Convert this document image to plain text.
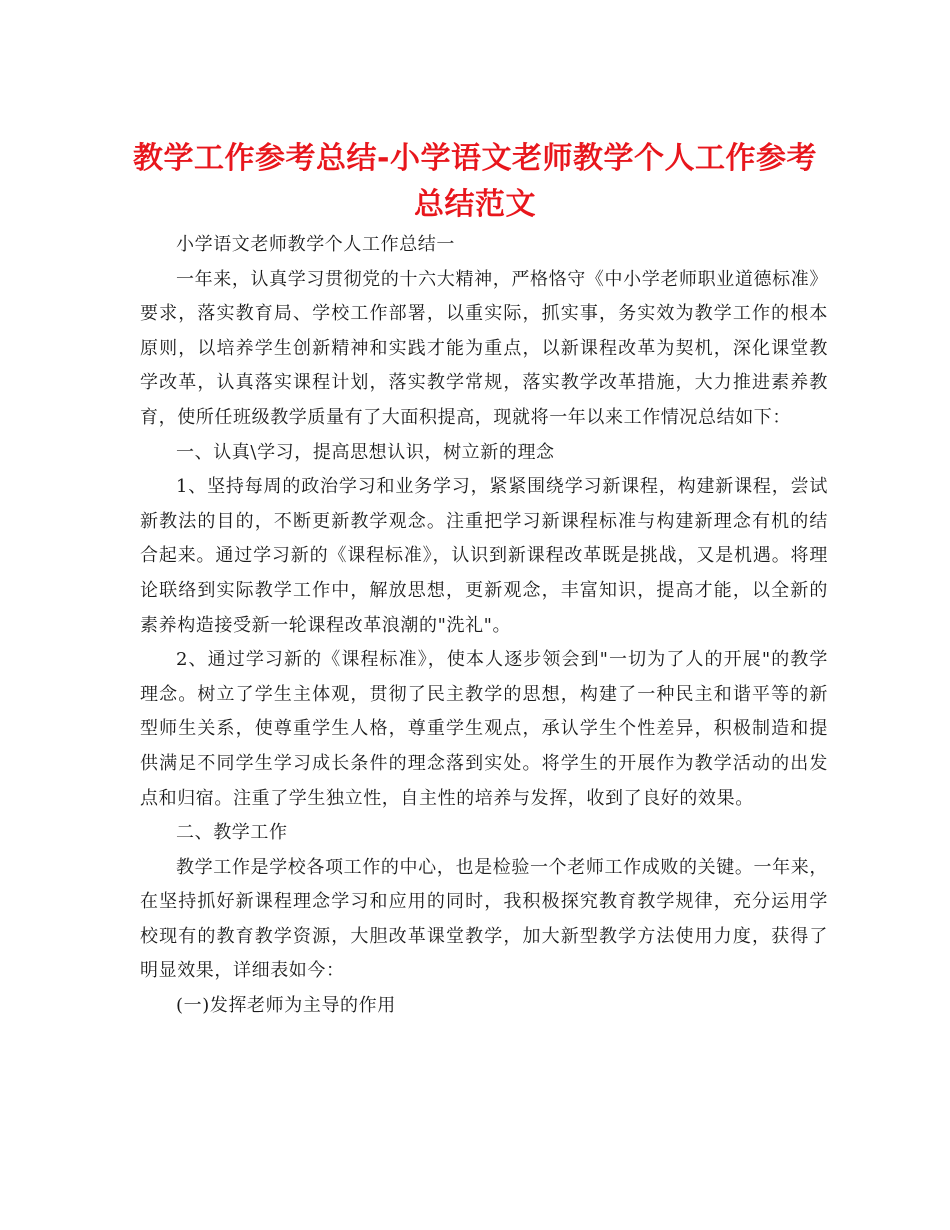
教学工作参考总结-小学语文老师教学个人工作参考总结范文

小学语文老师教学个人工作总结一

一年来，认真学习贯彻党的十六大精神，严格恪守《中小学老师职业道德标准》要求，落实教育局、学校工作部署，以重实际，抓实事，务实效为教学工作的根本原则，以培养学生创新精神和实践才能为重点，以新课程改革为契机，深化课堂教学改革，认真落实课程计划，落实教学常规，落实教学改革措施，大力推进素养教育，使所任班级教学质量有了大面积提高，现就将一年以来工作情况总结如下：

一、认真\学习，提高思想认识，树立新的理念

1、坚持每周的政治学习和业务学习，紧紧围绕学习新课程，构建新课程，尝试新教法的目的，不断更新教学观念。注重把学习新课程标准与构建新理念有机的结合起来。通过学习新的《课程标准》，认识到新课程改革既是挑战，又是机遇。将理论联络到实际教学工作中，解放思想，更新观念，丰富知识，提高才能，以全新的素养构造接受新一轮课程改革浪潮的"洗礼"。

2、通过学习新的《课程标准》，使本人逐步领会到"一切为了人的开展"的教学理念。树立了学生主体观，贯彻了民主教学的思想，构建了一种民主和谐平等的新型师生关系，使尊重学生人格，尊重学生观点，承认学生个性差异，积极制造和提供满足不同学生学习成长条件的理念落到实处。将学生的开展作为教学活动的出发点和归宿。注重了学生独立性，自主性的培养与发挥，收到了良好的效果。

二、教学工作

教学工作是学校各项工作的中心，也是检验一个老师工作成败的关键。一年来，在坚持抓好新课程理念学习和应用的同时，我积极探究教育教学规律，充分运用学校现有的教育教学资源，大胆改革课堂教学，加大新型教学方法使用力度，获得了明显效果，详细表如今：

(一)发挥老师为主导的作用
